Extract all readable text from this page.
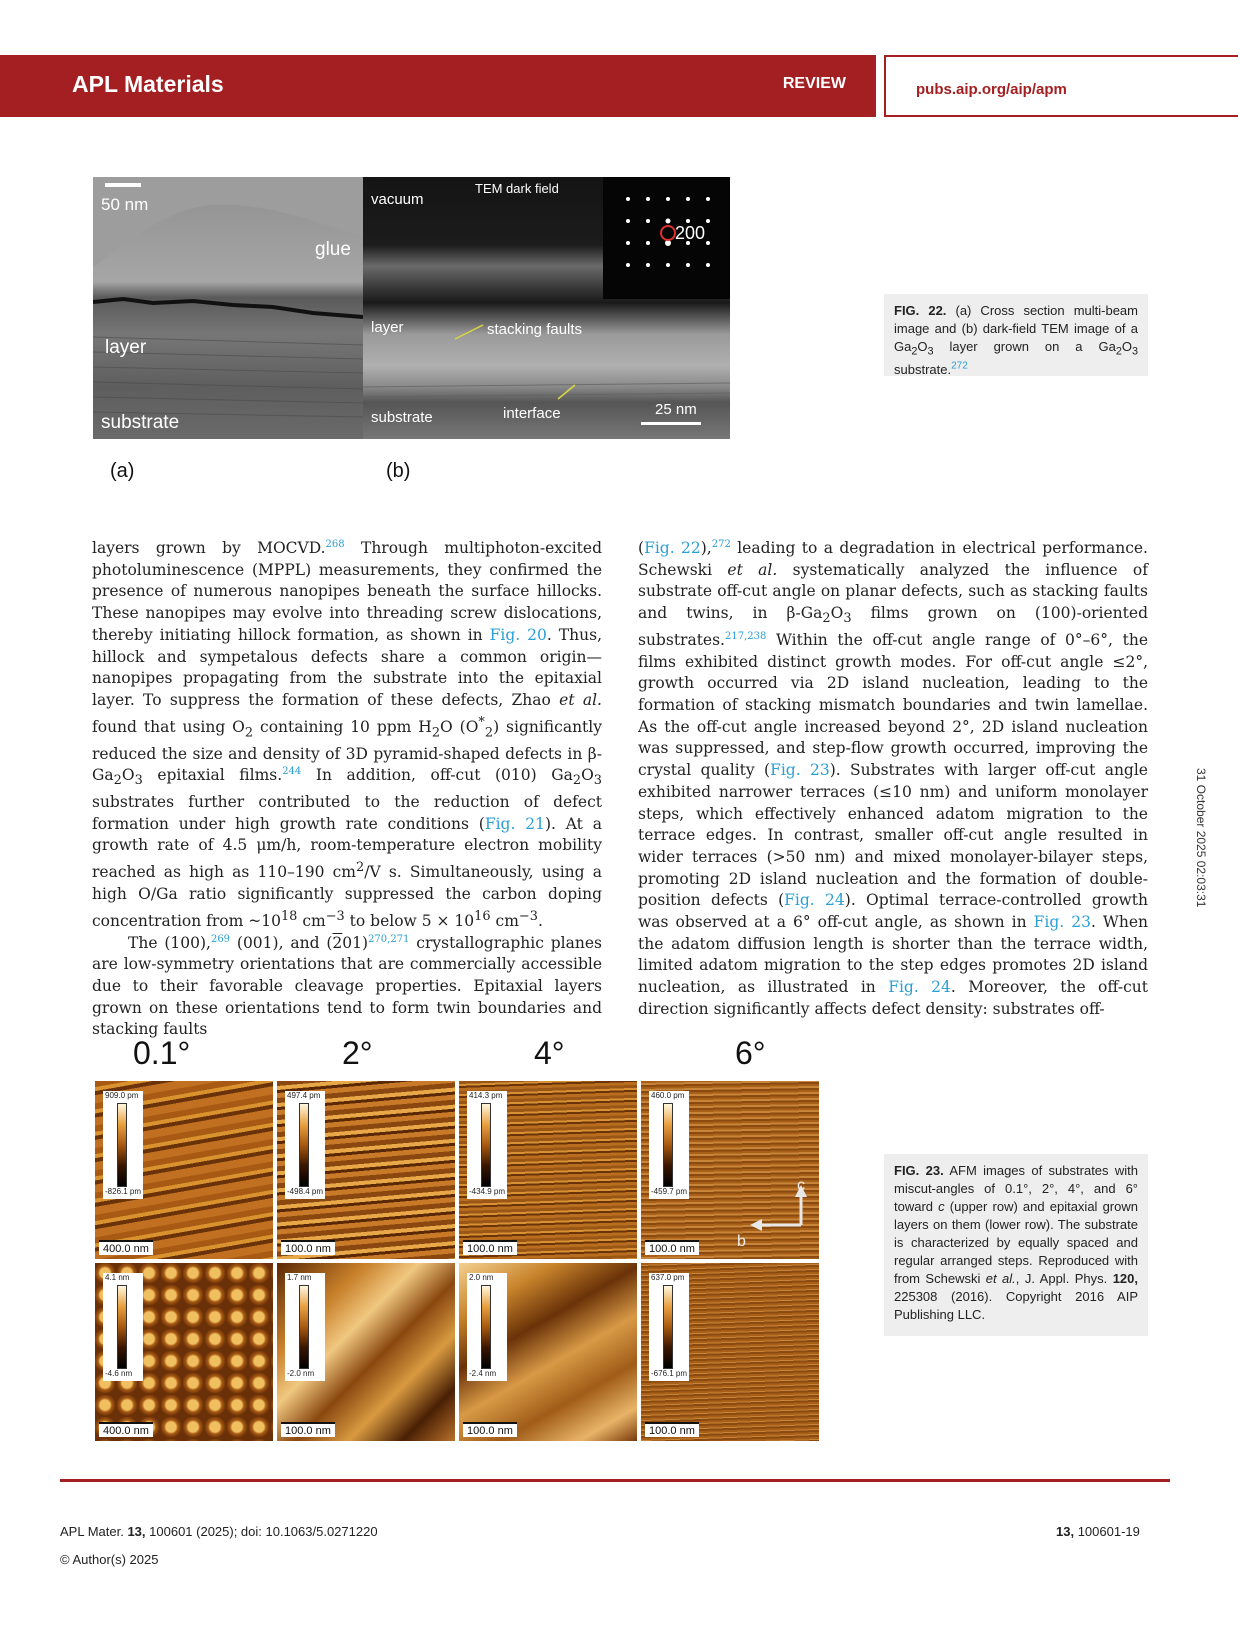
APL Materials	REVIEW	pubs.aip.org/aip/apm
50 nm
glue
layer
substrate
(a)
TEM dark field
vacuum
200
layer	stacking faults
substrate	interface	25 nm
(b)
FIG. 22. (a) Cross section multi-beam image and (b) dark-field TEM image of a $Ga_2O_3$ layer grown on a $Ga_2O_3$ substrate.$^{272}$

layers grown by MOCVD.$^{268}$ Through multiphoton-excited photoluminescence (MPPL) measurements, they confirmed the presence of numerous nanopipes beneath the surface hillocks. These nanopipes may evolve into threading screw dislocations, thereby initiating hillock formation, as shown in Fig. 20. Thus, hillock and sympetalous defects share a common origin—nanopipes propagating from the substrate into the epitaxial layer. To suppress the formation of these defects, Zhao et al. found that using $O_2$ containing 10 ppm $H_2O$ $(O^*_2)$ significantly reduced the size and density of 3D pyramid-shaped defects in $\beta-Ga_2O_3$ epitaxial films.$^{244}$ In addition, off-cut (010) $Ga_2O_3$ substrates further contributed to the reduction of defect formation under high growth rate conditions (Fig. 21). At a growth rate of 4.5 μm/h, room-temperature electron mobility reached as high as 110–190 $cm^2/V$ s. Simultaneously, using a high O/Ga ratio significantly suppressed the carbon doping concentration from $\sim 10^{18}$ $cm^{-3}$ to below $5 \times 10^{16}$ $cm^{-3}$.

The (100),$^{269}$ (001), and (201)$^{270,271}$ crystallographic planes are low-symmetry orientations that are commercially accessible due to their favorable cleavage properties. Epitaxial layers grown on these orientations tend to form twin boundaries and stacking faults

(Fig. 22),$^{272}$ leading to a degradation in electrical performance. Schewski et al. systematically analyzed the influence of substrate off-cut angle on planar defects, such as stacking faults and twins, in $\beta-Ga_2O_3$ films grown on (100)-oriented substrates.$^{217,238}$ Within the off-cut angle range of 0°–6°, the films exhibited distinct growth modes. For off-cut angle ≤2°, growth occurred via 2D island nucleation, leading to the formation of stacking mismatch boundaries and twin lamellae. As the off-cut angle increased beyond 2°, 2D island nucleation was suppressed, and step-flow growth occurred, improving the crystal quality (Fig. 23). Substrates with larger off-cut angle exhibited narrower terraces (≤10 nm) and uniform monolayer steps, which effectively enhanced adatom migration to the terrace edges. In contrast, smaller off-cut angle resulted in wider terraces (>50 nm) and mixed monolayer-bilayer steps, promoting 2D island nucleation and the formation of double-position defects (Fig. 24). Optimal terrace-controlled growth was observed at a 6° off-cut angle, as shown in Fig. 23. When the adatom diffusion length is shorter than the terrace width, limited adatom migration to the step edges promotes 2D island nucleation, as illustrated in Fig. 24. Moreover, the off-cut direction significantly affects defect density: substrates off-

0.1°	2°	4°	6°
909.0 pm
-826.1 pm
400.0 nm
497.4 pm
-498.4 pm
100.0 nm
414.3 pm
-434.9 pm
100.0 nm
460.0 pm
-459.7 pm	c
b
100.0 nm
4.1 nm
-4.6 nm
400.0 nm
1.7 nm
-2.0 nm
100.0 nm
2.0 nm
-2.4 nm
100.0 nm
637.0 pm
-676.1 pm
100.0 nm
FIG. 23. AFM images of substrates with miscut-angles of 0.1°, 2°, 4°, and 6° toward c (upper row) and epitaxial grown layers on them (lower row). The substrate is characterized by equally spaced and regular arranged steps. Reproduced with from Schewski et al., J. Appl. Phys. 120, 225308 (2016). Copyright 2016 AIP Publishing LLC.
APL Mater. 13, 100601 (2025); doi: 10.1063/5.0271220
© Author(s) 2025
13, 100601-19
31 October 2025 02:03:31
